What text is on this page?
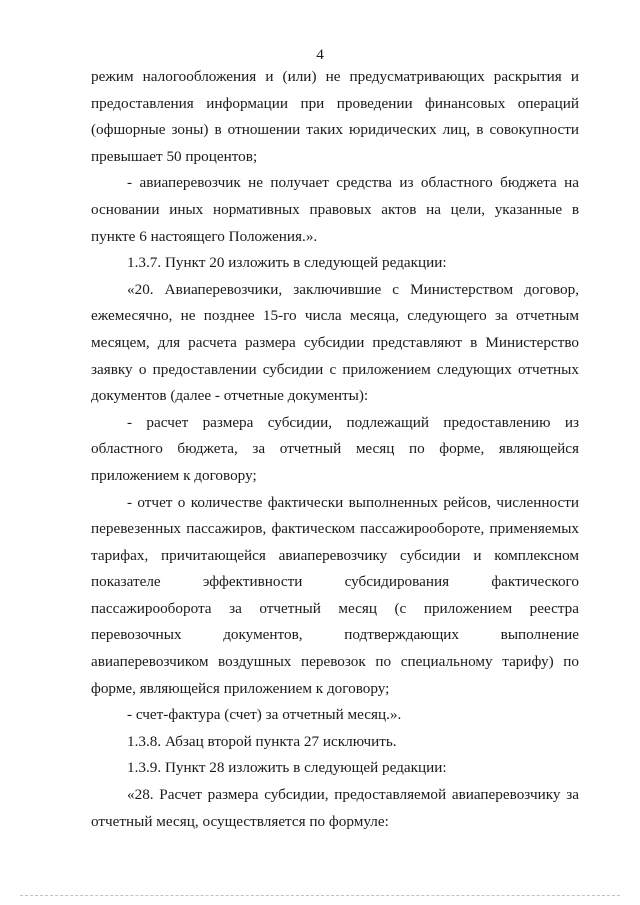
4

режим налогообложения и (или) не предусматривающих раскрытия и предоставления информации при проведении финансовых операций (офшорные зоны) в отношении таких юридических лиц, в совокупности превышает 50 процентов;

- авиаперевозчик не получает средства из областного бюджета на основании иных нормативных правовых актов на цели, указанные в пункте 6 настоящего Положения.».

1.3.7. Пункт 20 изложить в следующей редакции:

«20. Авиаперевозчики, заключившие с Министерством договор, ежемесячно, не позднее 15-го числа месяца, следующего за отчетным месяцем, для расчета размера субсидии представляют в Министерство заявку о предоставлении субсидии с приложением следующих отчетных документов (далее - отчетные документы):

- расчет размера субсидии, подлежащий предоставлению из областного бюджета, за отчетный месяц по форме, являющейся приложением к договору;

- отчет о количестве фактически выполненных рейсов, численности перевезенных пассажиров, фактическом пассажирообороте, применяемых тарифах, причитающейся авиаперевозчику субсидии и комплексном показателе эффективности субсидирования фактического пассажирооборота за отчетный месяц (с приложением реестра перевозочных документов, подтверждающих выполнение авиаперевозчиком воздушных перевозок по специальному тарифу) по форме, являющейся приложением к договору;

- счет-фактура (счет) за отчетный месяц.».

1.3.8. Абзац второй пункта 27 исключить.

1.3.9. Пункт 28 изложить в следующей редакции:

«28. Расчет размера субсидии, предоставляемой авиаперевозчику за отчетный месяц, осуществляется по формуле:
